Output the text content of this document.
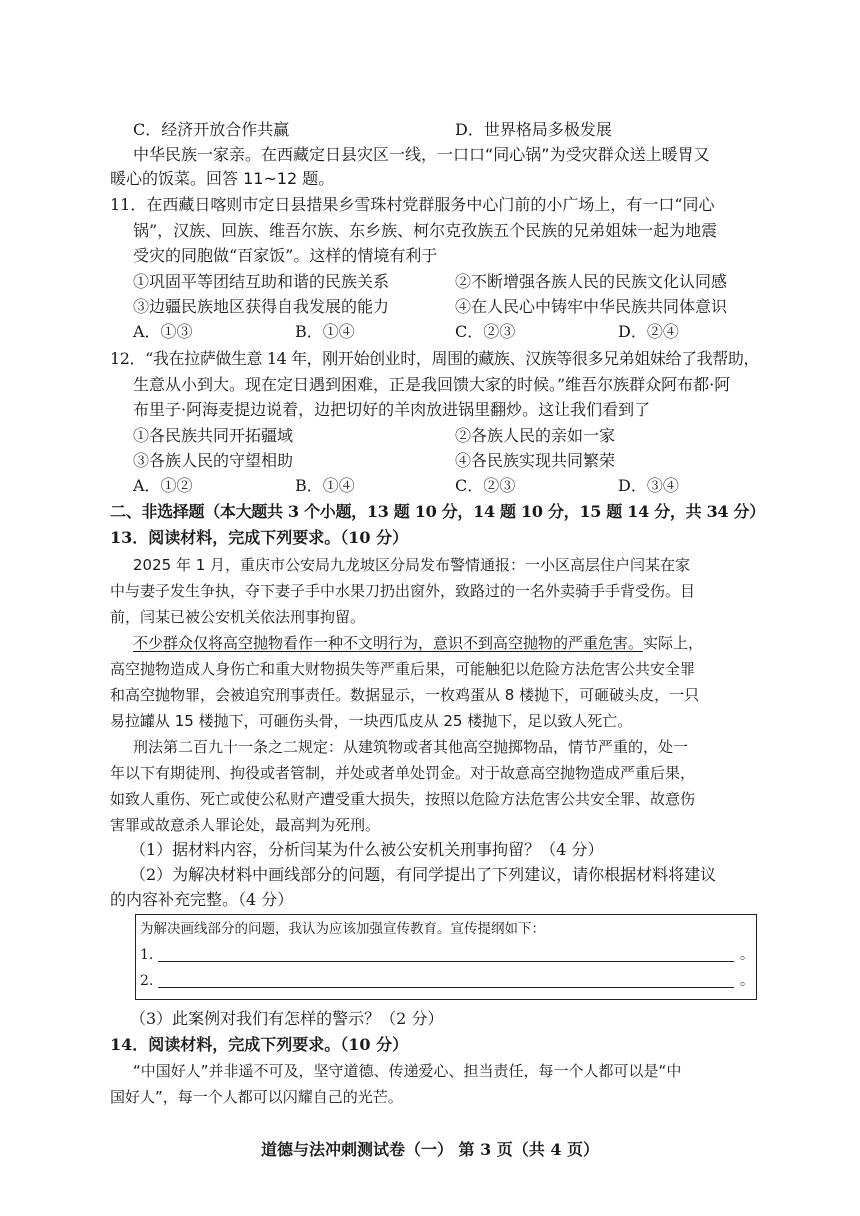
C．经济开放合作共赢	D．世界格局多极发展
中华民族一家亲。在西藏定日县灾区一线，一口口“同心锅”为受灾群众送上暖胃又
暖心的饭菜。回答 11~12 题。
11．在西藏日喀则市定日县措果乡雪珠村党群服务中心门前的小广场上，有一口“同心
锅”，汉族、回族、维吾尔族、东乡族、柯尔克孜族五个民族的兄弟姐妹一起为地震
受灾的同胞做“百家饭”。这样的情境有利于
①巩固平等团结互助和谐的民族关系	②不断增强各族人民的民族文化认同感
③边疆民族地区获得自我发展的能力	④在人民心中铸牢中华民族共同体意识
A．①③	B．①④	C．②③	D．②④
12．“我在拉萨做生意 14 年，刚开始创业时，周围的藏族、汉族等很多兄弟姐妹给了我帮助，
生意从小到大。现在定日遇到困难，正是我回馈大家的时候。”维吾尔族群众阿布都·阿
布里子·阿海麦提边说着，边把切好的羊肉放进锅里翻炒。这让我们看到了
①各民族共同开拓疆域	②各族人民的亲如一家
③各族人民的守望相助	④各民族实现共同繁荣
A．①②	B．①④	C．②③	D．③④
二、非选择题（本大题共 3 个小题，13 题 10 分，14 题 10 分，15 题 14 分，共 34 分）
13．阅读材料，完成下列要求。（10 分）
2025 年 1 月，重庆市公安局九龙坡区分局发布警情通报：一小区高层住户闫某在家
中与妻子发生争执，夺下妻子手中水果刀扔出窗外，致路过的一名外卖骑手手背受伤。目
前，闫某已被公安机关依法刑事拘留。
不少群众仅将高空抛物看作一种不文明行为，意识不到高空抛物的严重危害。实际上，
高空抛物造成人身伤亡和重大财物损失等严重后果，可能触犯以危险方法危害公共安全罪
和高空抛物罪，会被追究刑事责任。数据显示，一枚鸡蛋从 8 楼抛下，可砸破头皮，一只
易拉罐从 15 楼抛下，可砸伤头骨，一块西瓜皮从 25 楼抛下，足以致人死亡。
刑法第二百九十一条之二规定：从建筑物或者其他高空抛掷物品，情节严重的，处一
年以下有期徒刑、拘役或者管制，并处或者单处罚金。对于故意高空抛物造成严重后果，
如致人重伤、死亡或使公私财产遭受重大损失，按照以危险方法危害公共安全罪、故意伤
害罪或故意杀人罪论处，最高判为死刑。
（1）据材料内容，分析闫某为什么被公安机关刑事拘留？（4 分）
（2）为解决材料中画线部分的问题，有同学提出了下列建议，请你根据材料将建议
的内容补充完整。（4 分）
为解决画线部分的问题，我认为应该加强宣传教育。宣传提纲如下：
1.	。
2.	。
（3）此案例对我们有怎样的警示？（2 分）
14．阅读材料，完成下列要求。（10 分）
“中国好人”并非遥不可及，坚守道德、传递爱心、担当责任，每一个人都可以是“中
国好人”，每一个人都可以闪耀自己的光芒。
道德与法冲刺测试卷（一） 第 3 页（共 4 页）
